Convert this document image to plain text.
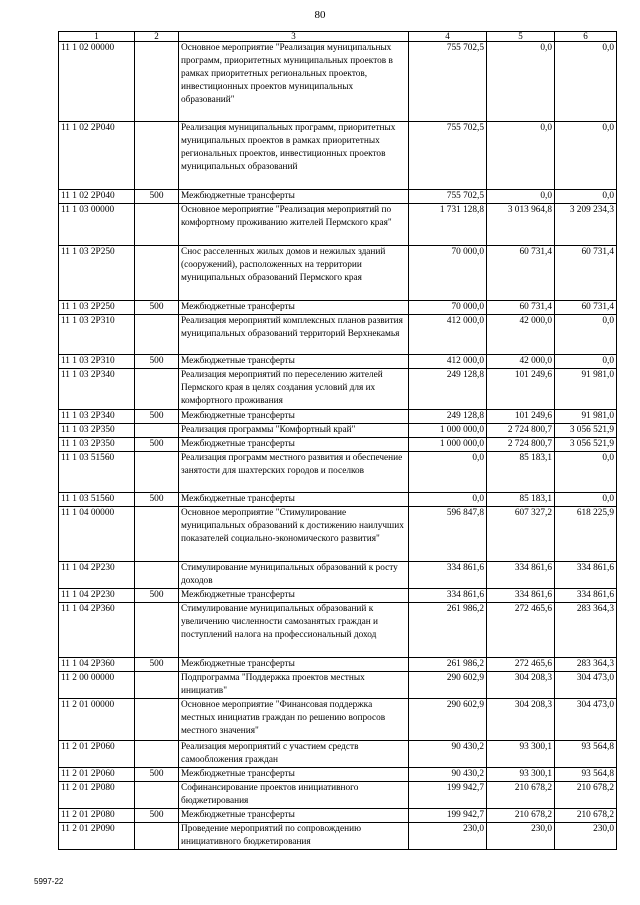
80
1	2	3	4	5	6
11 1 02 00000		Основное мероприятие "Реализация муниципальных программ, приоритетных муниципальных проектов в рамках приоритетных региональных проектов, инвестиционных проектов муниципальных образований"	755 702,5	0,0	0,0
11 1 02 2P040		Реализация муниципальных программ, приоритетных муниципальных проектов в рамках приоритетных региональных проектов, инвестиционных проектов муниципальных образований	755 702,5	0,0	0,0
11 1 02 2P040	500	Межбюджетные трансферты	755 702,5	0,0	0,0
11 1 03 00000		Основное мероприятие "Реализация мероприятий по комфортному проживанию жителей Пермского края"	1 731 128,8	3 013 964,8	3 209 234,3
11 1 03 2P250		Снос расселенных жилых домов и нежилых зданий (сооружений), расположенных на территории муниципальных образований Пермского края	70 000,0	60 731,4	60 731,4
11 1 03 2P250	500	Межбюджетные трансферты	70 000,0	60 731,4	60 731,4
11 1 03 2P310		Реализация мероприятий комплексных планов развития муниципальных образований территорий Верхнекамья	412 000,0	42 000,0	0,0
11 1 03 2P310	500	Межбюджетные трансферты	412 000,0	42 000,0	0,0
11 1 03 2P340		Реализация мероприятий по переселению жителей Пермского края в целях создания условий для их комфортного проживания	249 128,8	101 249,6	91 981,0
11 1 03 2P340	500	Межбюджетные трансферты	249 128,8	101 249,6	91 981,0
11 1 03 2P350		Реализация программы "Комфортный край"	1 000 000,0	2 724 800,7	3 056 521,9
11 1 03 2P350	500	Межбюджетные трансферты	1 000 000,0	2 724 800,7	3 056 521,9
11 1 03 51560		Реализация программ местного развития и обеспечение занятости для шахтерских городов и поселков	0,0	85 183,1	0,0
11 1 03 51560	500	Межбюджетные трансферты	0,0	85 183,1	0,0
11 1 04 00000		Основное мероприятие "Стимулирование муниципальных образований к достижению наилучших показателей социально-экономического развития"	596 847,8	607 327,2	618 225,9
11 1 04 2P230		Стимулирование муниципальных образований к росту доходов	334 861,6	334 861,6	334 861,6
11 1 04 2P230	500	Межбюджетные трансферты	334 861,6	334 861,6	334 861,6
11 1 04 2P360		Стимулирование муниципальных образований к увеличению численности самозанятых граждан и поступлений налога на профессиональный доход	261 986,2	272 465,6	283 364,3
11 1 04 2P360	500	Межбюджетные трансферты	261 986,2	272 465,6	283 364,3
11 2 00 00000		Подпрограмма "Поддержка проектов местных инициатив"	290 602,9	304 208,3	304 473,0
11 2 01 00000		Основное мероприятие "Финансовая поддержка местных инициатив граждан по решению вопросов местного значения"	290 602,9	304 208,3	304 473,0
11 2 01 2P060		Реализация мероприятий с участием средств самообложения граждан	90 430,2	93 300,1	93 564,8
11 2 01 2P060	500	Межбюджетные трансферты	90 430,2	93 300,1	93 564,8
11 2 01 2P080		Софинансирование проектов инициативного бюджетирования	199 942,7	210 678,2	210 678,2
11 2 01 2P080	500	Межбюджетные трансферты	199 942,7	210 678,2	210 678,2
11 2 01 2P090		Проведение мероприятий по сопровождению инициативного бюджетирования	230,0	230,0	230,0
5997-22
